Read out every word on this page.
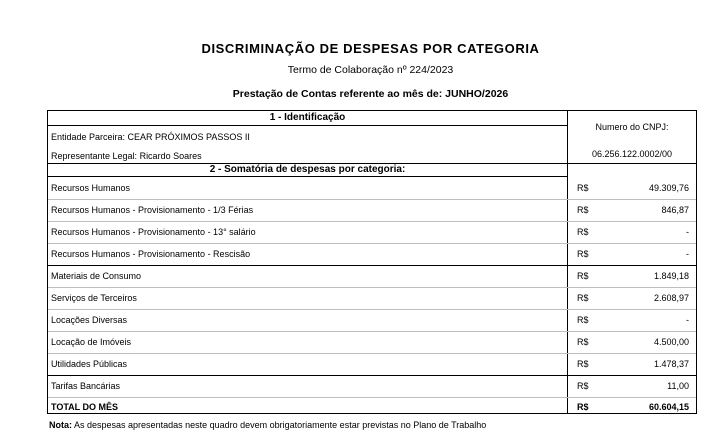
DISCRIMINAÇÃO DE DESPESAS POR CATEGORIA
Termo de Colaboração nº 224/2023
Prestação de Contas referente ao mês de: JUNHO/2026
1 - Identificação
Entidade Parceira: CEAR PRÓXIMOS PASSOS II
Representante Legal: Ricardo Soares
Numero do CNPJ:
06.256.122.0002/00
2 - Somatória de despesas por categoria:
Recursos Humanos	R$	49.309,76
Recursos Humanos - Provisionamento - 1/3 Férias	R$	846,87
Recursos Humanos - Provisionamento - 13° salário	R$	-
Recursos Humanos - Provisionamento - Rescisão	R$	-
Materiais de Consumo	R$	1.849,18
Serviços de Terceiros	R$	2.608,97
Locações Diversas	R$	-
Locação de Imóveis	R$	4.500,00
Utilidades Públicas	R$	1.478,37
Tarifas Bancárias	R$	11,00
TOTAL DO MÊS	R$	60.604,15
Nota: As despesas apresentadas neste quadro devem obrigatoriamente estar previstas no Plano de Trabalho
